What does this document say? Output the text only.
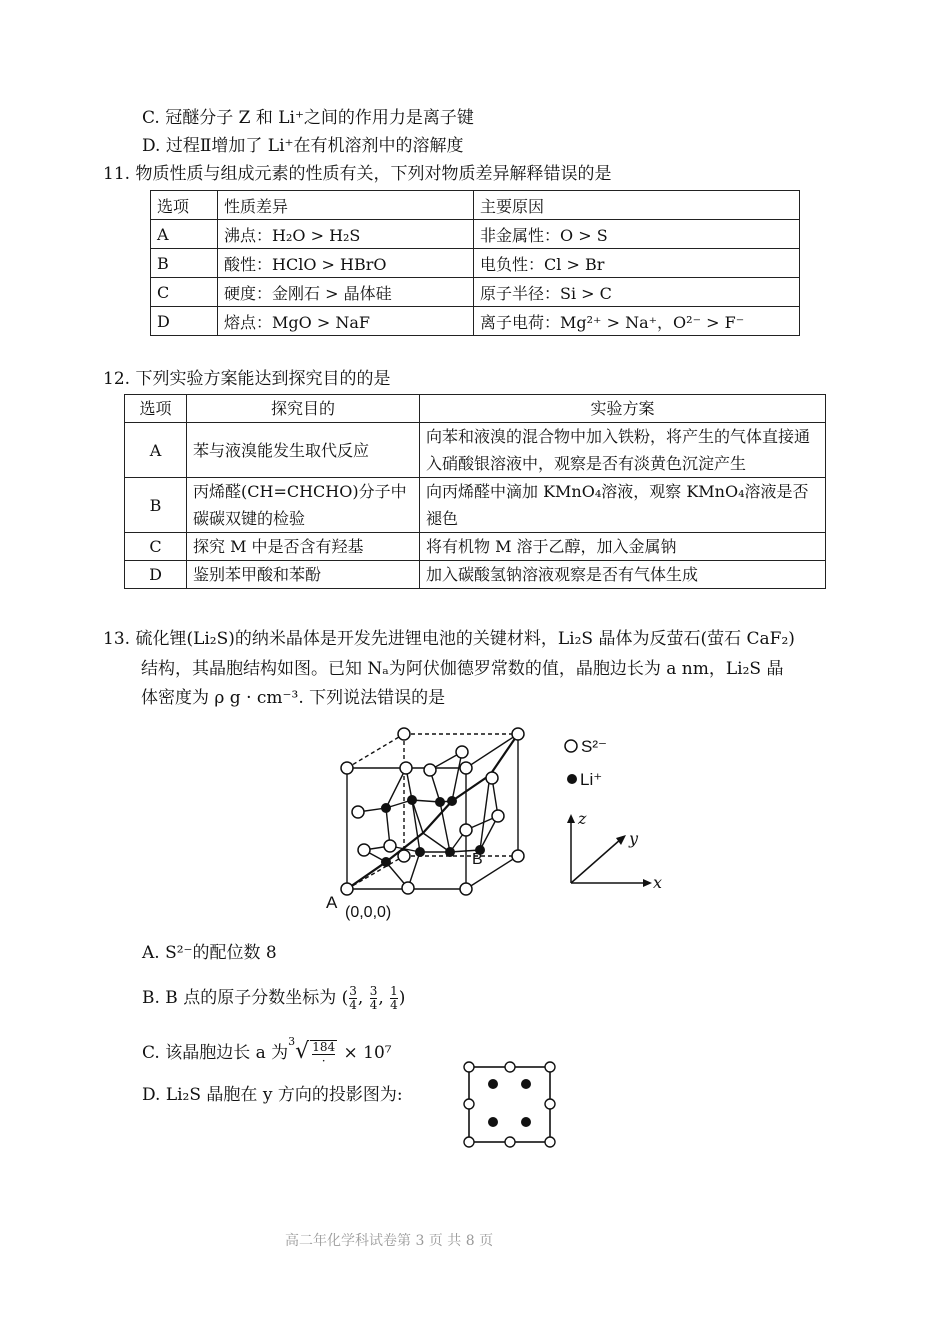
C. 冠醚分子 Z 和 Li⁺之间的作用力是离子键
D. 过程Ⅱ增加了 Li⁺在有机溶剂中的溶解度
11. 物质性质与组成元素的性质有关，下列对物质差异解释错误的是
选项	性质差异	主要原因
A	沸点：H₂O > H₂S	非金属性：O > S
B	酸性：HClO > HBrO	电负性：Cl > Br
C	硬度：金刚石 > 晶体硅	原子半径：Si > C
D	熔点：MgO > NaF	离子电荷：Mg²⁺ > Na⁺，O²⁻ > F⁻
12. 下列实验方案能达到探究目的的是
选项	探究目的	实验方案
A	苯与液溴能发生取代反应	向苯和液溴的混合物中加入铁粉，将产生的气体直接通入硝酸银溶液中，观察是否有淡黄色沉淀产生
B	丙烯醛(CH=CHCHO)分子中碳碳双键的检验	向丙烯醛中滴加 KMnO₄溶液，观察 KMnO₄溶液是否褪色
C	探究 M 中是否含有羟基	将有机物 M 溶于乙醇，加入金属钠
D	鉴别苯甲酸和苯酚	加入碳酸氢钠溶液观察是否有气体生成
13. 硫化锂(Li₂S)的纳米晶体是开发先进锂电池的关键材料，Li₂S 晶体为反萤石(萤石 CaF₂)
结构，其晶胞结构如图。已知 Nₐ为阿伏伽德罗常数的值，晶胞边长为 a nm，Li₂S 晶
体密度为 ρ g · cm⁻³. 下列说法错误的是
A
(0,0,0)
B
S²⁻
Li⁺
z
y
x
A. S²⁻的配位数 8
B. B 点的原子分数坐标为 ( $\frac{3}{4}$ , $\frac{3}{4}$ , $\frac{1}{4}$ )
C. 该晶胞边长 a 为$^3√ \frac{184}{\cdot} \times 10^7$
D. Li₂S 晶胞在 y 方向的投影图为:
高二年化学科试卷第 3 页 共 8 页
